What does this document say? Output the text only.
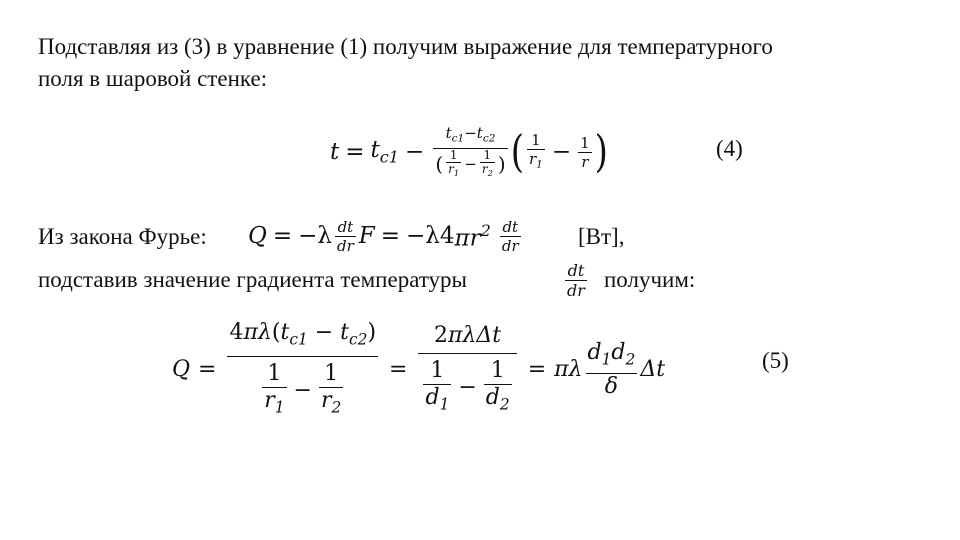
Подставляя из (3) в уравнение (1) получим выражение для температурного
поля в шаровой стенке:
$t = t_{c1} - \frac{t_{c1}-t_{c2}}{( \frac{1}{r_1} - \frac{1}{r_2} )}$ ( $\frac{1}{r_1} - \frac{1}{r}$ )	(4)
Из закона Фурье: $Q = -\lambda \frac{dt}{dr}$ F = −λ4 $\pi r^2 \frac{dt}{dr} [Вт]$,
подставив значение градиента температуры	$\frac{dt}{dr}$ получим:
$Q = \frac{4\pi\lambda(t_{c1} - t_{c2})}{\frac{1}{r_1} - \frac{1}{r_2}} = \frac{\text{2πλΔt}}{\frac{1}{d_1} - \frac{1}{d_2}} = \pi\lambda \frac{d_1d_2}{\delta}$ Δt	(5)
